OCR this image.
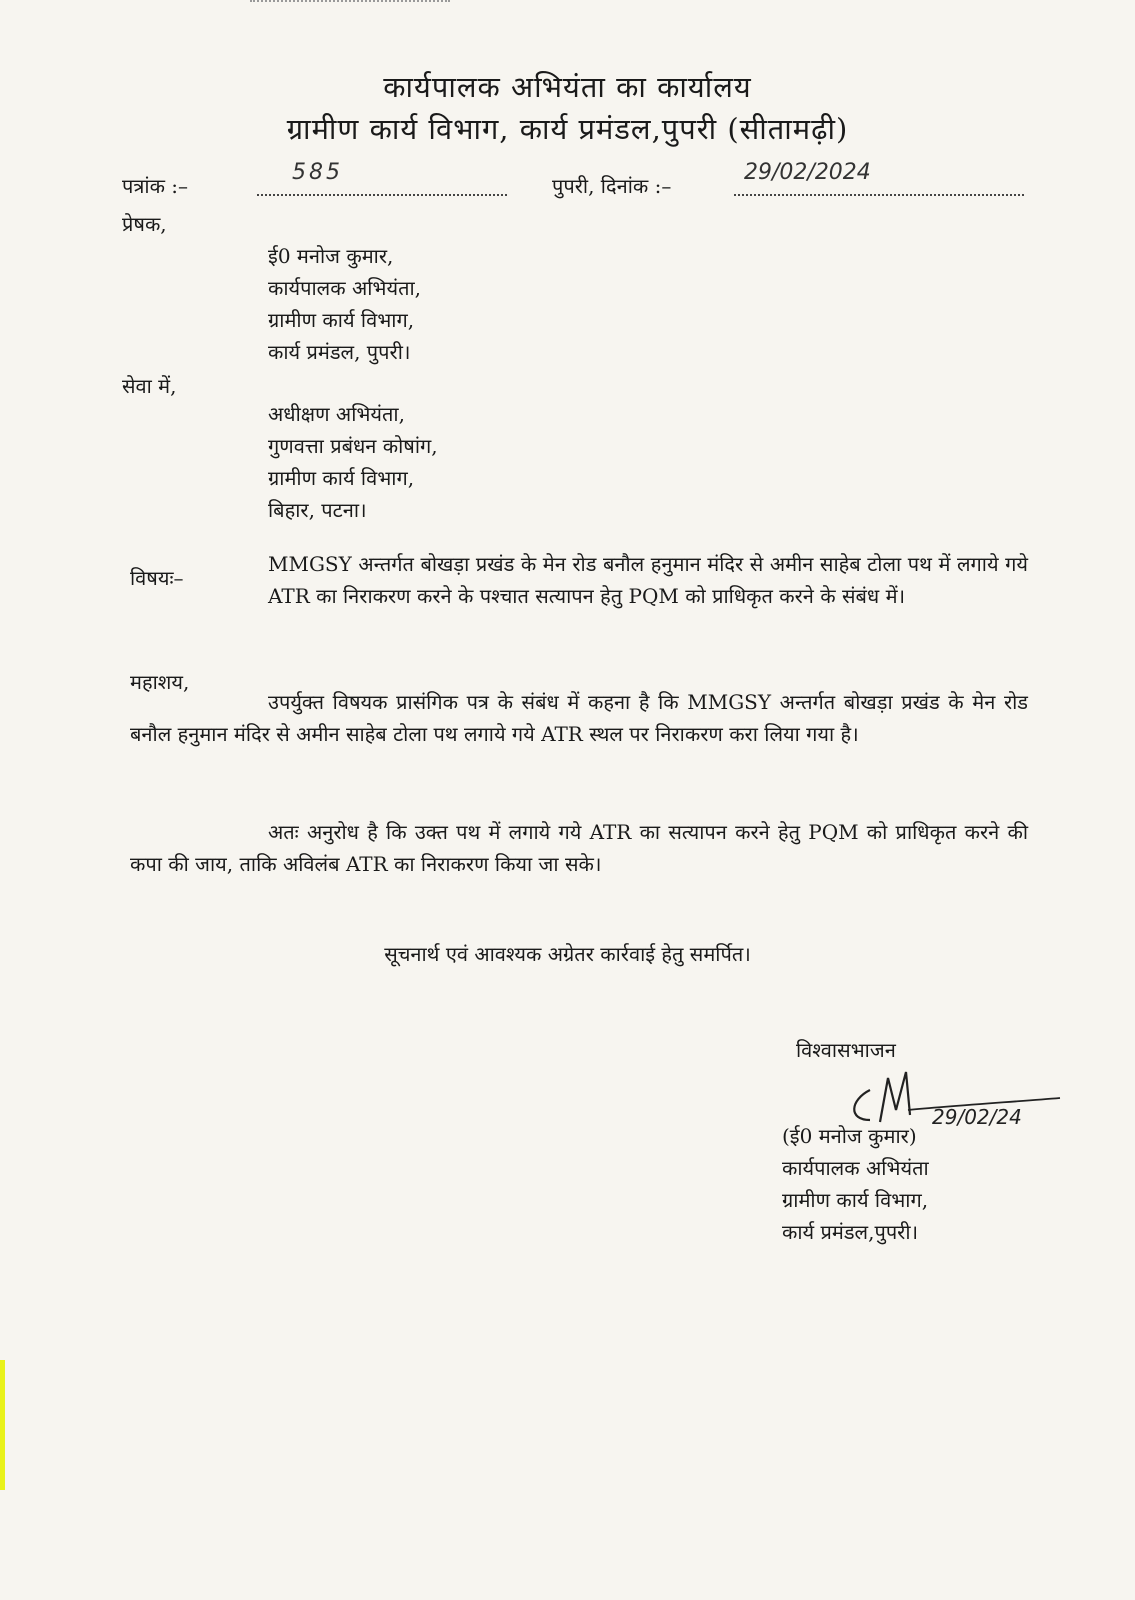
कार्यपालक अभियंता का कार्यालय
ग्रामीण कार्य विभाग, कार्य प्रमंडल,पुपरी (सीतामढ़ी)
पत्रांक :–
585
पुपरी, दिनांक :–
29/02/2024
प्रेषक,
ई0 मनोज कुमार,
कार्यपालक अभियंता,
ग्रामीण कार्य विभाग,
कार्य प्रमंडल, पुपरी।
सेवा में,
अधीक्षण अभियंता,
गुणवत्ता प्रबंधन कोषांग,
ग्रामीण कार्य विभाग,
बिहार, पटना।
विषयः–
MMGSY अन्तर्गत बोखड़ा प्रखंड के मेन रोड बनौल हनुमान मंदिर से अमीन साहेब टोला पथ में लगाये गये ATR का निराकरण करने के पश्चात सत्यापन हेतु PQM को प्राधिकृत करने के संबंध में।
महाशय,
उपर्युक्त विषयक प्रासंगिक पत्र के संबंध में कहना है कि MMGSY अन्तर्गत बोखड़ा प्रखंड के मेन रोड बनौल हनुमान मंदिर से अमीन साहेब टोला पथ लगाये गये ATR स्थल पर निराकरण करा लिया गया है।
अतः अनुरोध है कि उक्त पथ में लगाये गये ATR का सत्यापन करने हेतु PQM को प्राधिकृत करने की कपा की जाय, ताकि अविलंब ATR का निराकरण किया जा सके।
सूचनार्थ एवं आवश्यक अग्रेतर कार्रवाई हेतु समर्पित।
विश्वासभाजन
(ई0 मनोज कुमार)
कार्यपालक अभियंता
ग्रामीण कार्य विभाग,
कार्य प्रमंडल,पुपरी।
29/02/24
